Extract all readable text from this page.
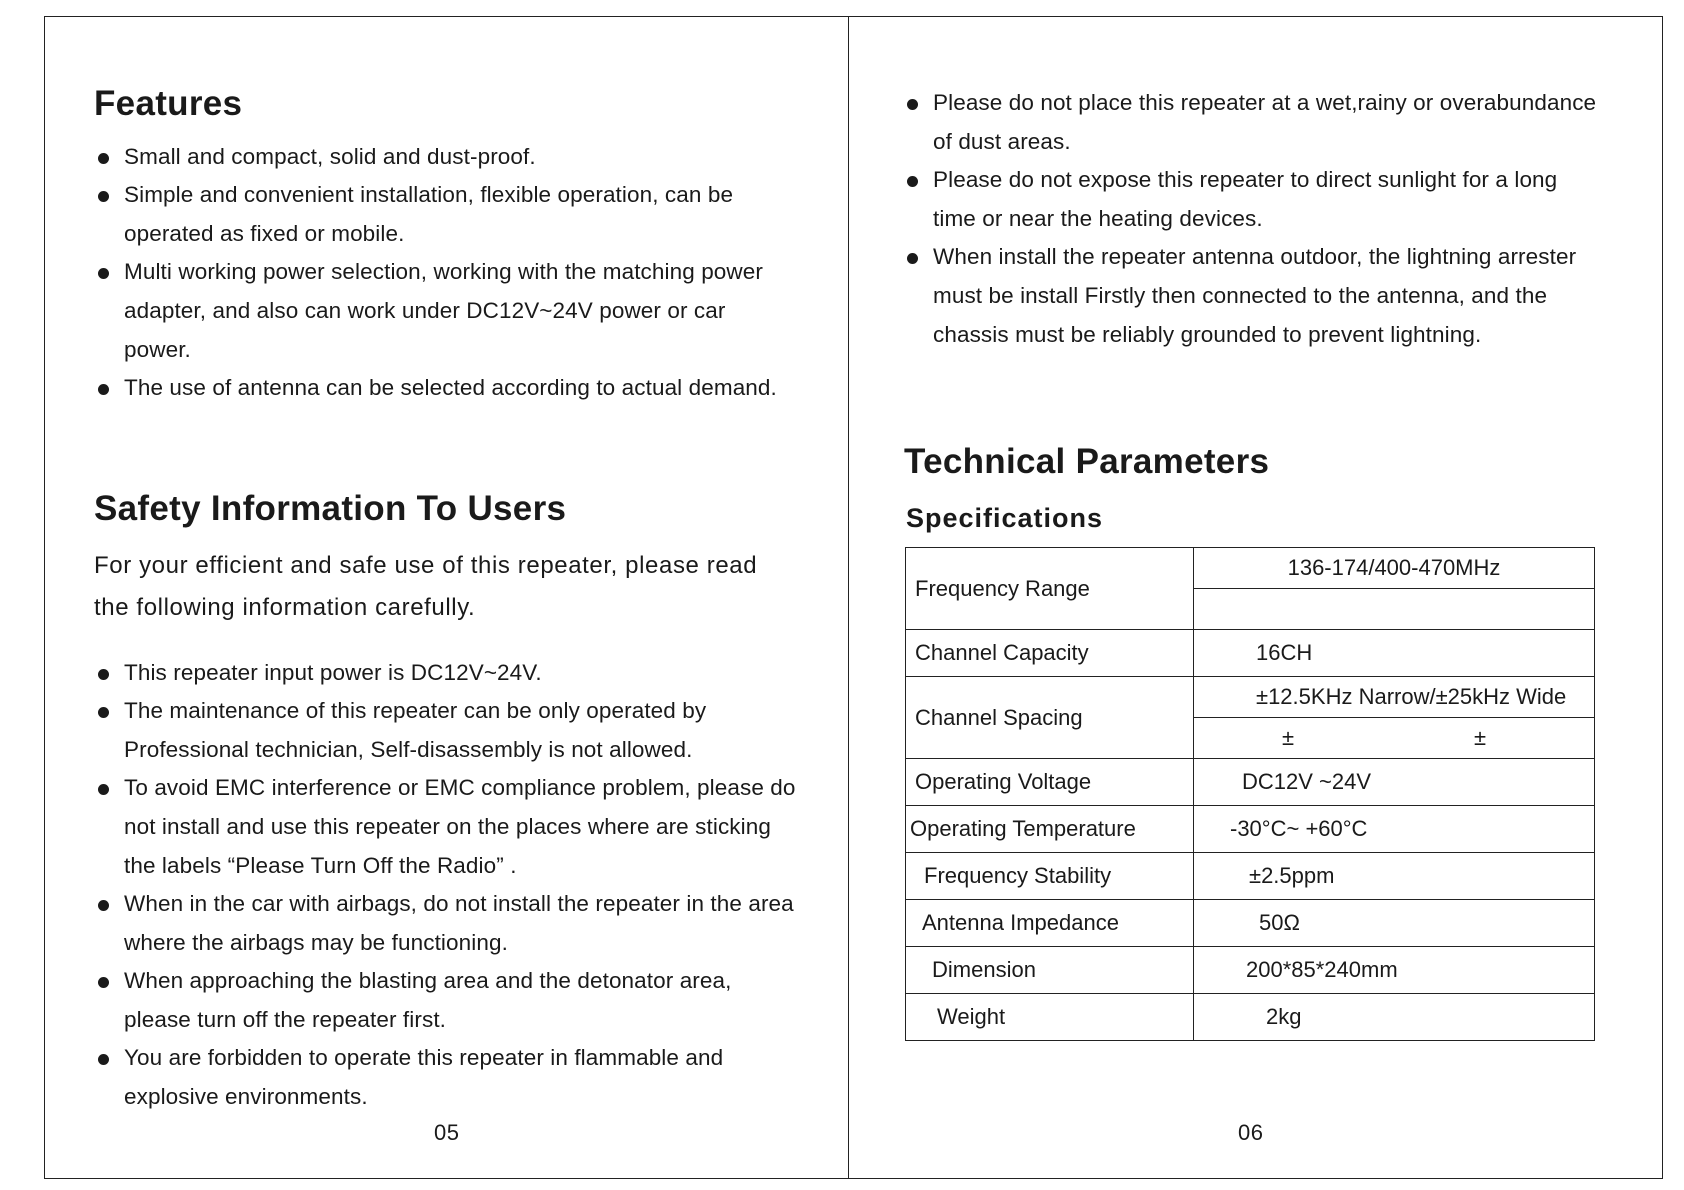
Features
Small and compact, solid and dust-proof.
Simple and convenient installation, flexible operation, can be operated as fixed or mobile.
Multi working power selection, working with the matching power adapter, and also can work under DC12V~24V power or car power.
The use of antenna can be selected according to actual demand.
Safety Information To Users

For your efficient and safe use of this repeater, please read the following information carefully.

This repeater input power is DC12V~24V.
The maintenance of this repeater can be only operated by Professional technician, Self-disassembly is not allowed.
To avoid EMC interference or EMC compliance problem, please do not install and use this repeater on the places where are sticking the labels “Please Turn Off the Radio” .
When in the car with airbags, do not install the repeater in the area where the airbags may be functioning.
When approaching the blasting area and the detonator area, please turn off the repeater first.
You are forbidden to operate this repeater in flammable and explosive environments.
05
Please do not place this repeater at a wet,rainy or overabundance of dust areas.
Please do not expose this repeater to direct sunlight for a long time or near the heating devices.
When install the repeater antenna outdoor, the lightning arrester must be install Firstly then connected to the antenna, and the chassis must be reliably grounded to prevent lightning.
Technical Parameters
Specifications
Frequency Range	136-174/400-470MHz

Channel Capacity	16CH
Channel Spacing	±12.5KHz Narrow/±25kHz Wide

	± ±

Operating Voltage	DC12V ~24V
Operating Temperature	-30°C~ +60°C
Frequency Stability	±2.5ppm
Antenna Impedance	50Ω
Dimension	200*85*240mm
Weight	2kg
06
